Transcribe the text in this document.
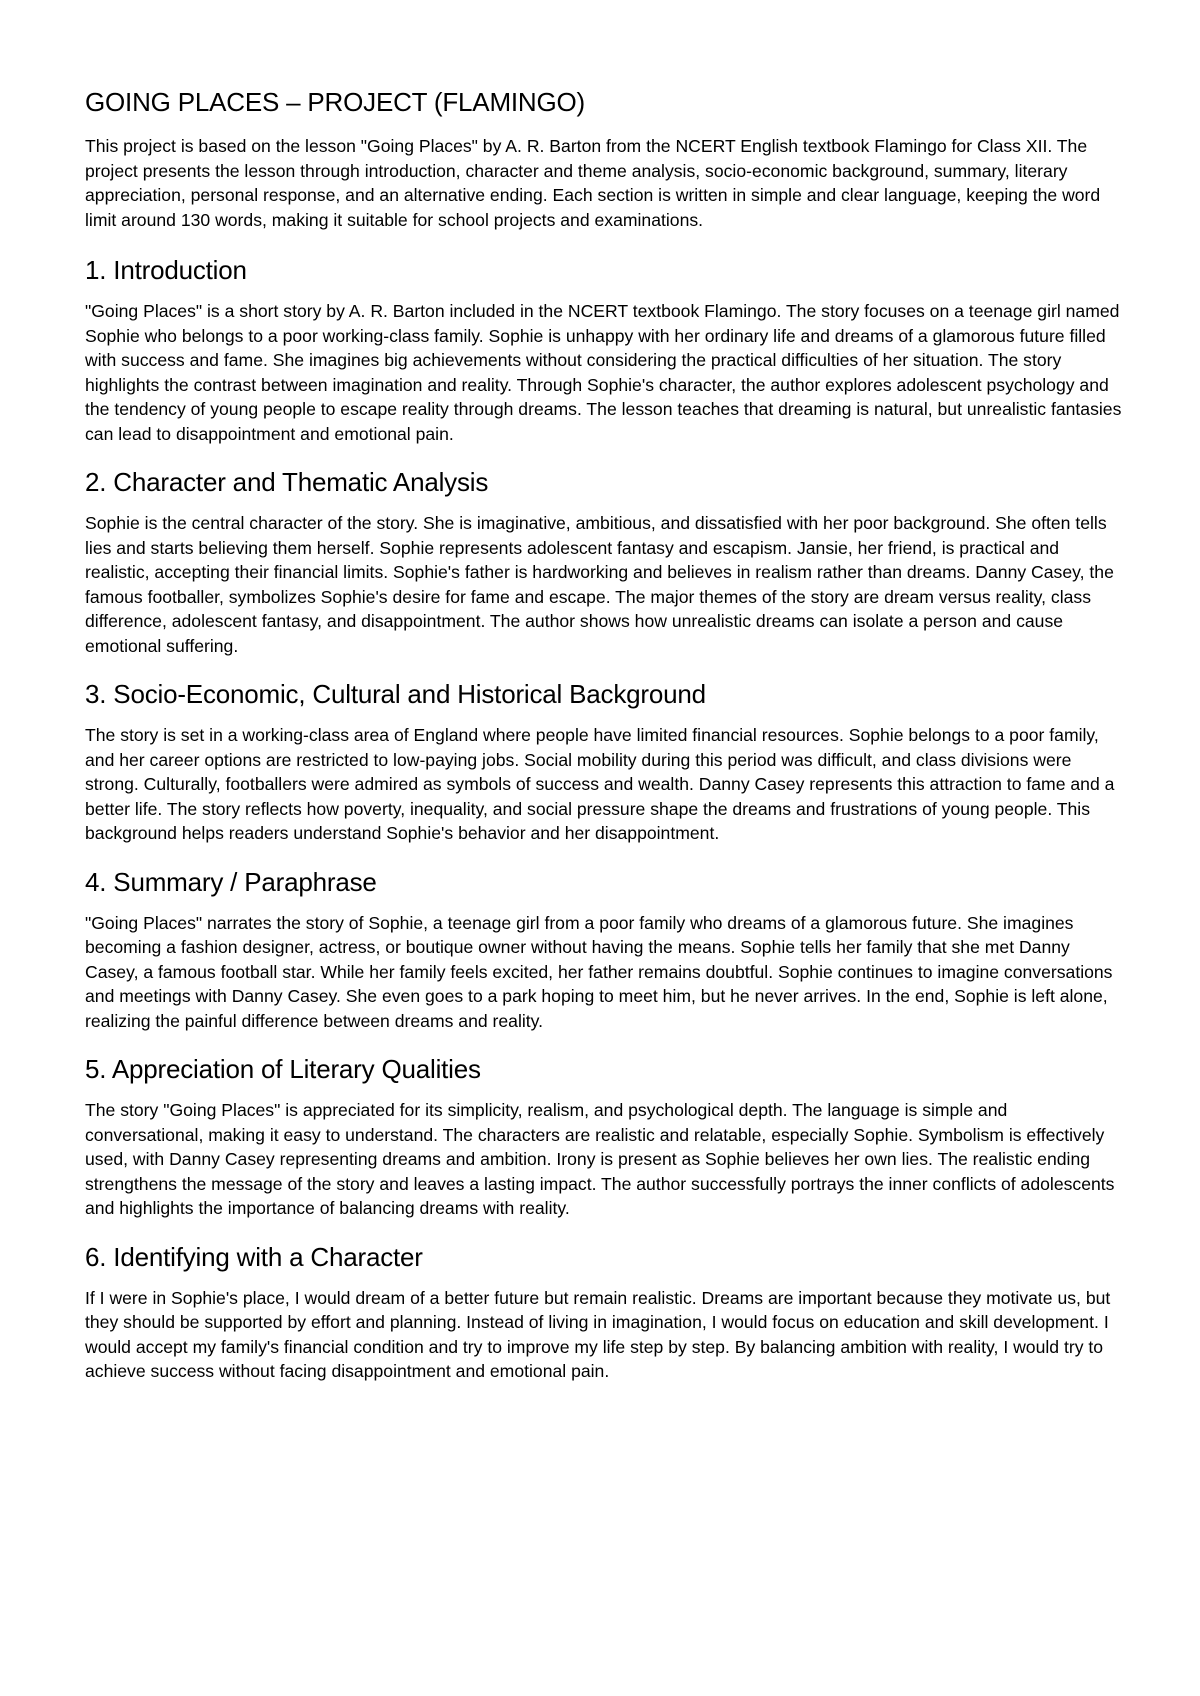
GOING PLACES – PROJECT (FLAMINGO)

This project is based on the lesson "Going Places" by A. R. Barton from the NCERT English textbook Flamingo for Class XII. The project presents the lesson through introduction, character and theme analysis, socio-economic background, summary, literary appreciation, personal response, and an alternative ending. Each section is written in simple and clear language, keeping the word limit around 130 words, making it suitable for school projects and examinations.

1. Introduction

"Going Places" is a short story by A. R. Barton included in the NCERT textbook Flamingo. The story focuses on a teenage girl named Sophie who belongs to a poor working-class family. Sophie is unhappy with her ordinary life and dreams of a glamorous future filled with success and fame. She imagines big achievements without considering the practical difficulties of her situation. The story highlights the contrast between imagination and reality. Through Sophie's character, the author explores adolescent psychology and the tendency of young people to escape reality through dreams. The lesson teaches that dreaming is natural, but unrealistic fantasies can lead to disappointment and emotional pain.

2. Character and Thematic Analysis

Sophie is the central character of the story. She is imaginative, ambitious, and dissatisfied with her poor background. She often tells lies and starts believing them herself. Sophie represents adolescent fantasy and escapism. Jansie, her friend, is practical and realistic, accepting their financial limits. Sophie's father is hardworking and believes in realism rather than dreams. Danny Casey, the famous footballer, symbolizes Sophie's desire for fame and escape. The major themes of the story are dream versus reality, class difference, adolescent fantasy, and disappointment. The author shows how unrealistic dreams can isolate a person and cause emotional suffering.

3. Socio-Economic, Cultural and Historical Background

The story is set in a working-class area of England where people have limited financial resources. Sophie belongs to a poor family, and her career options are restricted to low-paying jobs. Social mobility during this period was difficult, and class divisions were strong. Culturally, footballers were admired as symbols of success and wealth. Danny Casey represents this attraction to fame and a better life. The story reflects how poverty, inequality, and social pressure shape the dreams and frustrations of young people. This background helps readers understand Sophie's behavior and her disappointment.

4. Summary / Paraphrase

"Going Places" narrates the story of Sophie, a teenage girl from a poor family who dreams of a glamorous future. She imagines becoming a fashion designer, actress, or boutique owner without having the means. Sophie tells her family that she met Danny Casey, a famous football star. While her family feels excited, her father remains doubtful. Sophie continues to imagine conversations and meetings with Danny Casey. She even goes to a park hoping to meet him, but he never arrives. In the end, Sophie is left alone, realizing the painful difference between dreams and reality.

5. Appreciation of Literary Qualities

The story "Going Places" is appreciated for its simplicity, realism, and psychological depth. The language is simple and conversational, making it easy to understand. The characters are realistic and relatable, especially Sophie. Symbolism is effectively used, with Danny Casey representing dreams and ambition. Irony is present as Sophie believes her own lies. The realistic ending strengthens the message of the story and leaves a lasting impact. The author successfully portrays the inner conflicts of adolescents and highlights the importance of balancing dreams with reality.

6. Identifying with a Character

If I were in Sophie's place, I would dream of a better future but remain realistic. Dreams are important because they motivate us, but they should be supported by effort and planning. Instead of living in imagination, I would focus on education and skill development. I would accept my family's financial condition and try to improve my life step by step. By balancing ambition with reality, I would try to achieve success without facing disappointment and emotional pain.
